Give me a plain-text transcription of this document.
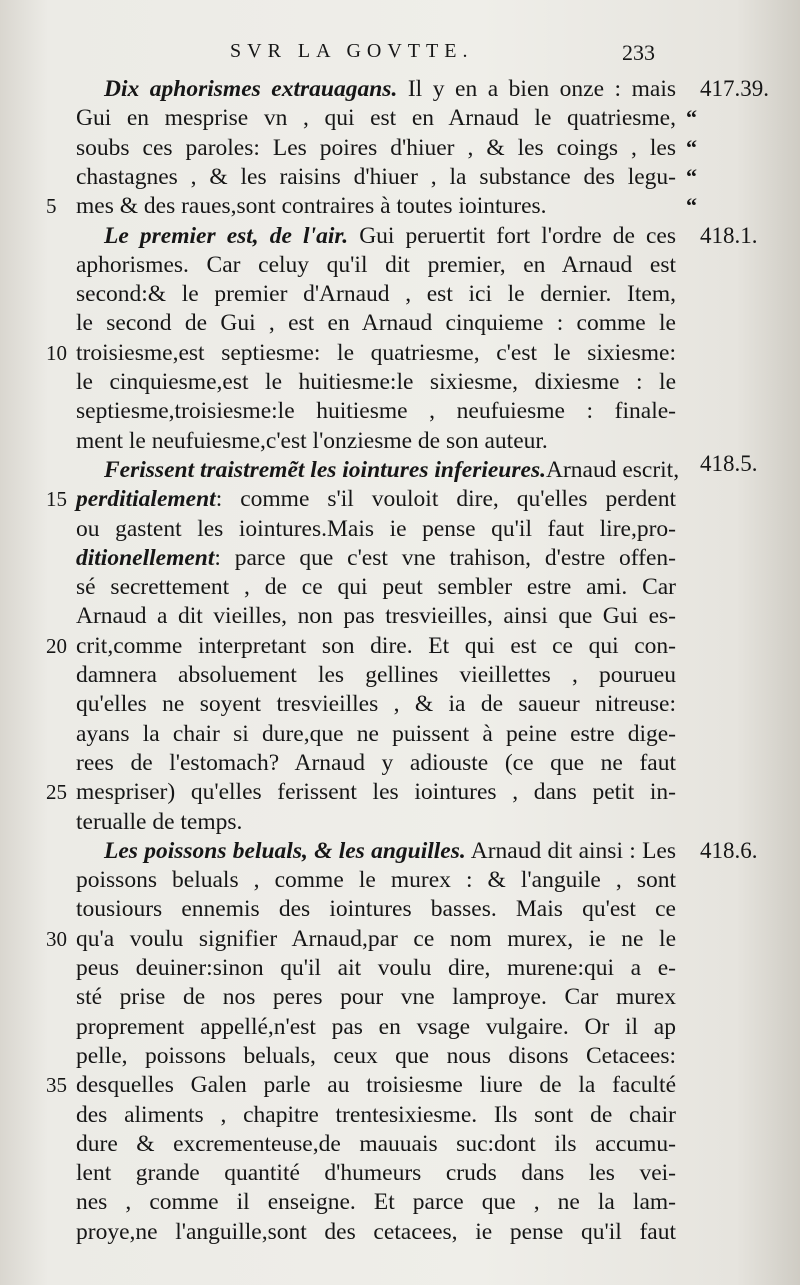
SVR LA GOVTTE.	233
Dix aphorismes extrauagans. Il y en a bien onze : mais
Gui en mesprise vn , qui est en Arnaud le quatriesme,
soubs ces paroles: Les poires d'hiuer , & les coings , les
chastagnes , & les raisins d'hiuer , la substance des legu-
mes & des raues,sont contraires à toutes iointures.
Le premier est, de l'air. Gui peruertit fort l'ordre de ces
aphorismes. Car celuy qu'il dit premier, en Arnaud est
second:& le premier d'Arnaud , est ici le dernier. Item,
le second de Gui , est en Arnaud cinquieme : comme le
troisiesme,est septiesme: le quatriesme, c'est le sixiesme:
le cinquiesme,est le huitiesme:le sixiesme, dixiesme : le
septiesme,troisiesme:le huitiesme , neufuiesme : finale-
ment le neufuiesme,c'est l'onziesme de son auteur.
Ferissent traistremẽt les iointures inferieures.Arnaud escrit,
perditialement: comme s'il vouloit dire, qu'elles perdent
ou gastent les iointures.Mais ie pense qu'il faut lire,pro-
ditionellement: parce que c'est vne trahison, d'estre offen-
sé secrettement , de ce qui peut sembler estre ami. Car
Arnaud a dit vieilles, non pas tresvieilles, ainsi que Gui es-
crit,comme interpretant son dire. Et qui est ce qui con-
damnera absoluement les gellines vieillettes , pourueu
qu'elles ne soyent tresvieilles , & ia de saueur nitreuse:
ayans la chair si dure,que ne puissent à peine estre dige-
rees de l'estomach? Arnaud y adiouste (ce que ne faut
mespriser) qu'elles ferissent les iointures , dans petit in-
terualle de temps.
Les poissons beluals, & les anguilles. Arnaud dit ainsi : Les
poissons beluals , comme le murex : & l'anguile , sont
tousiours ennemis des iointures basses. Mais qu'est ce
qu'a voulu signifier Arnaud,par ce nom murex, ie ne le
peus deuiner:sinon qu'il ait voulu dire, murene:qui a e-
sté prise de nos peres pour vne lamproye. Car murex
proprement appellé,n'est pas en vsage vulgaire. Or il ap
pelle, poissons beluals, ceux que nous disons Cetacees:
desquelles Galen parle au troisiesme liure de la faculté
des aliments , chapitre trentesixiesme. Ils sont de chair
dure & excrementeuse,de mauuais suc:dont ils accumu-
lent grande quantité d'humeurs cruds dans les vei-
nes , comme il enseigne. Et parce que , ne la lam-
proye,ne l'anguille,sont des cetacees, ie pense qu'il faut
5
10
15
20
25
30
35
417.39.
418.1.
418.5.
418.6.
“
“
“
“
